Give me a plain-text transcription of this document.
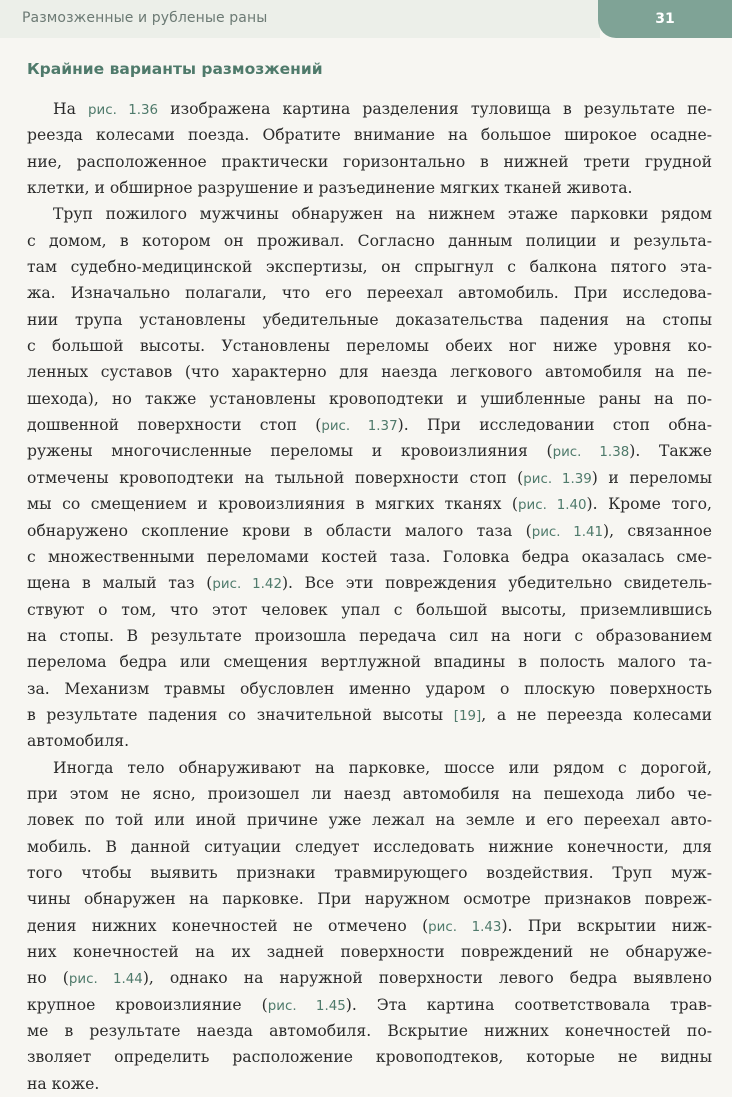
Размозженные и рубленые раны	31
Крайние варианты размозжений
На рис. 1.36 изображена картина разделения туловища в результате пе-
реезда колесами поезда. Обратите внимание на большое широкое осадне-
ние, расположенное практически горизонтально в нижней трети грудной
клетки, и обширное разрушение и разъединение мягких тканей живота.
Труп пожилого мужчины обнаружен на нижнем этаже парковки рядом
с домом, в котором он проживал. Согласно данным полиции и результа-
там судебно-медицинской экспертизы, он спрыгнул с балкона пятого эта-
жа. Изначально полагали, что его переехал автомобиль. При исследова-
нии трупа установлены убедительные доказательства падения на стопы
с большой высоты. Установлены переломы обеих ног ниже уровня ко-
ленных суставов (что характерно для наезда легкового автомобиля на пе-
шехода), но также установлены кровоподтеки и ушибленные раны на по-
дошвенной поверхности стоп (рис. 1.37). При исследовании стоп обна-
ружены многочисленные переломы и кровоизлияния (рис. 1.38). Также
отмечены кровоподтеки на тыльной поверхности стоп (рис. 1.39) и переломы
мы со смещением и кровоизлияния в мягких тканях (рис. 1.40). Кроме того,
обнаружено скопление крови в области малого таза (рис. 1.41), связанное
с множественными переломами костей таза. Головка бедра оказалась сме-
щена в малый таз (рис. 1.42). Все эти повреждения убедительно свидетель-
ствуют о том, что этот человек упал с большой высоты, приземлившись
на стопы. В результате произошла передача сил на ноги с образованием
перелома бедра или смещения вертлужной впадины в полость малого та-
за. Механизм травмы обусловлен именно ударом о плоскую поверхность
в результате падения со значительной высоты [19], а не переезда колесами
автомобиля.
Иногда тело обнаруживают на парковке, шоссе или рядом с дорогой,
при этом не ясно, произошел ли наезд автомобиля на пешехода либо че-
ловек по той или иной причине уже лежал на земле и его переехал авто-
мобиль. В данной ситуации следует исследовать нижние конечности, для
того чтобы выявить признаки травмирующего воздействия. Труп муж-
чины обнаружен на парковке. При наружном осмотре признаков повреж-
дения нижних конечностей не отмечено (рис. 1.43). При вскрытии ниж-
них конечностей на их задней поверхности повреждений не обнаруже-
но (рис. 1.44), однако на наружной поверхности левого бедра выявлено
крупное кровоизлияние (рис. 1.45). Эта картина соответствовала трав-
ме в результате наезда автомобиля. Вскрытие нижних конечностей по-
зволяет определить расположение кровоподтеков, которые не видны
на коже.
